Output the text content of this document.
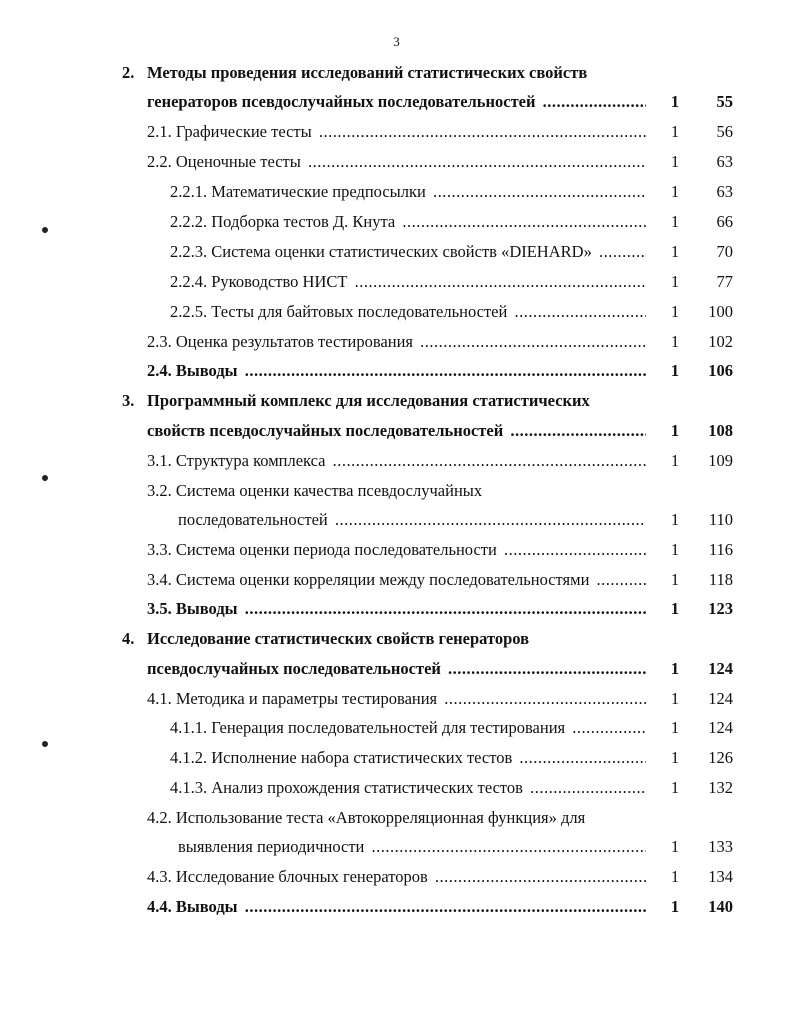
3
2. Методы проведения исследований статистических свойств
генераторов псевдослучайных последовательностей .....	1	55
2.1. Графические тесты .....	1	56
2.2. Оценочные тесты .....	1	63
2.2.1. Математические предпосылки .....	1	63
2.2.2. Подборка тестов Д. Кнута .....	1	66
2.2.3. Система оценки статистических свойств «DIEHARD» .....	1	70
2.2.4. Руководство НИСТ .....	1	77
2.2.5. Тесты для байтовых последовательностей .....	1	100
2.3. Оценка результатов тестирования .....	1	102
2.4. Выводы .....	1	106
3. Программный комплекс для исследования статистических
свойств псевдослучайных последовательностей .....	1	108
3.1. Структура комплекса .....	1	109
3.2. Система оценки качества псевдослучайных
последовательностей .....	1	110
3.3. Система оценки периода последовательности .....	1	116
3.4. Система оценки корреляции между последовательностями .....	1	118
3.5. Выводы .....	1	123
4. Исследование статистических свойств генераторов
псевдослучайных последовательностей .....	1	124
4.1. Методика и параметры тестирования .....	1	124
4.1.1. Генерация последовательностей для тестирования .....	1	124
4.1.2. Исполнение набора статистических тестов .....	1	126
4.1.3. Анализ прохождения статистических тестов .....	1	132
4.2. Использование теста «Автокорреляционная функция» для
выявления периодичности .....	1	133
4.3. Исследование блочных генераторов .....	1	134
4.4. Выводы .....	1	140
